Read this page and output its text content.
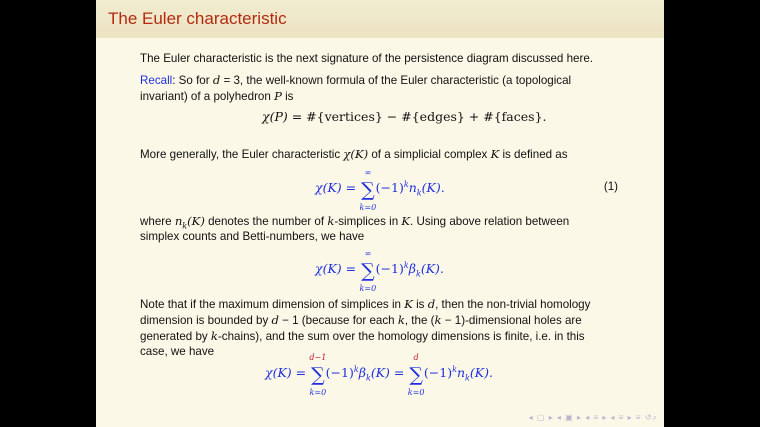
The Euler characteristic
The Euler characteristic is the next signature of the persistence diagram discussed here.
Recall: So for d = 3, the well-known formula of the Euler characteristic (a topological
invariant) of a polyhedron P is
χ(P) = #{vertices} − #{edges} + #{faces}.
More generally, the Euler characteristic χ(K) of a simplicial complex K is defined as
χ(K) = ∑
∞
k=0
$(-1)^kn_k(K)$.	(1)
where $n_k(K)$ denotes the number of k-simplices in K. Using above relation between
simplex counts and Betti-numbers, we have
χ(K) = ∑
∞
k=0
$(-1)^k\beta_k(K)$.
Note that if the maximum dimension of simplices in K is d, then the non-trivial homology
dimension is bounded by d − 1 (because for each k, the (k − 1)-dimensional holes are
generated by k-chains), and the sum over the homology dimensions is finite, i.e. in this
case, we have
χ(K) = ∑
d−1
k=0
$(-1)^k\beta_k(K)$ = ∑
d
k=0
$(-1)^kn_k(K)$.
◂ ▢ ▸ ◂ ▣ ▸ ◂ ≡ ▸ ◂ ≡ ▸ ≡ ↺⌕
